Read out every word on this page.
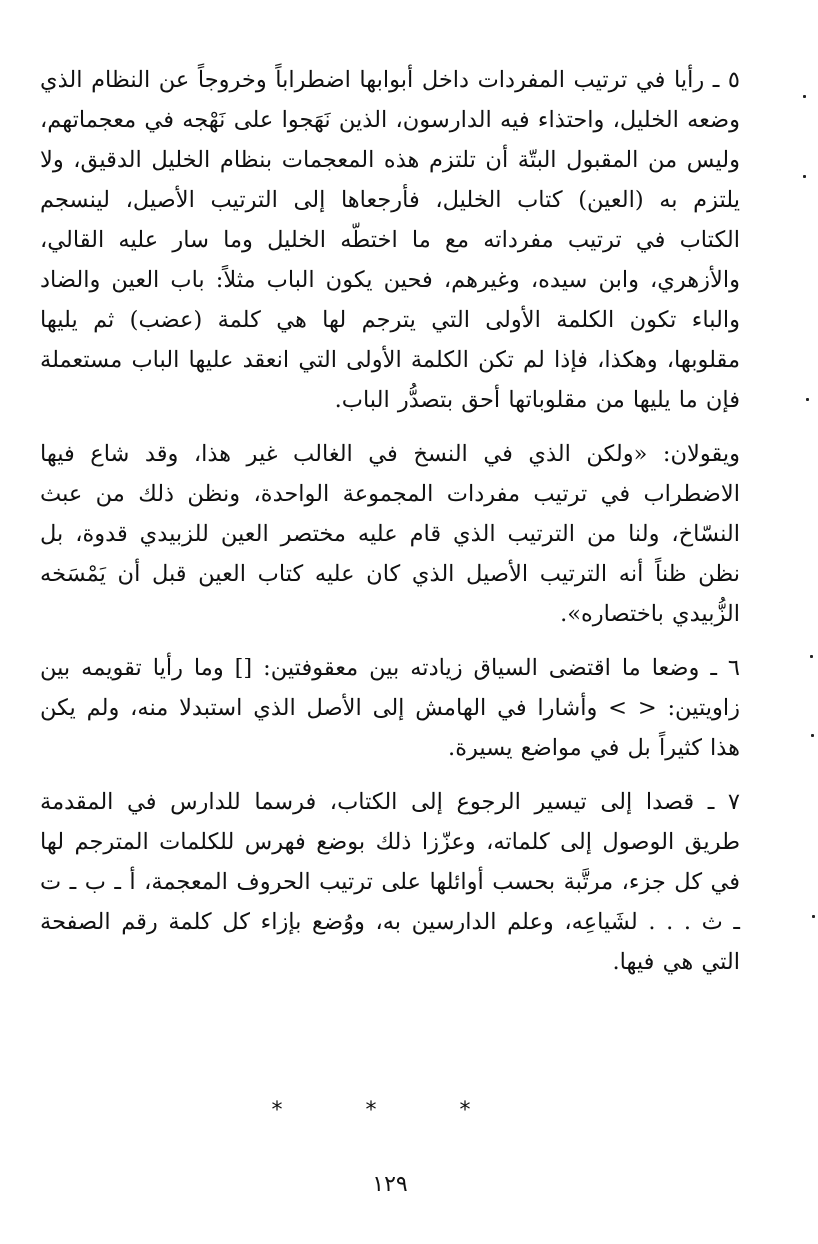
٥ ـ رأيا في ترتيب المفردات داخل أبوابها اضطراباً وخروجاً عن النظام الذي وضعه الخليل، واحتذاء فيه الدارسون، الذين نَهَجوا على نَهْجه في معجماتهم، وليس من المقبول البتّة أن تلتزم هذه المعجمات بنظام الخليل الدقيق، ولا يلتزم به (العين) كتاب الخليل، فأرجعاها إلى الترتيب الأصيل، لينسجم الكتاب في ترتيب مفرداته مع ما اختطّه الخليل وما سار عليه القالي، والأزهري، وابن سيده، وغيرهم، فحين يكون الباب مثلاً: باب العين والضاد والباء تكون الكلمة الأولى التي يترجم لها هي كلمة (عضب) ثم يليها مقلوبها، وهكذا، فإذا لم تكن الكلمة الأولى التي انعقد عليها الباب مستعملة فإن ما يليها من مقلوباتها أحق بتصدُّر الباب.

ويقولان: «ولكن الذي في النسخ في الغالب غير هذا، وقد شاع فيها الاضطراب في ترتيب مفردات المجموعة الواحدة، ونظن ذلك من عبث النسّاخ، ولنا من الترتيب الذي قام عليه مختصر العين للزبيدي قدوة، بل نظن ظناً أنه الترتيب الأصيل الذي كان عليه كتاب العين قبل أن يَمْسَخه الزُّبيدي باختصاره».

٦ ـ وضعا ما اقتضى السياق زيادته بين معقوفتين: [] وما رأيا تقويمه بين زاويتين: < > وأشارا في الهامش إلى الأصل الذي استبدلا منه، ولم يكن هذا كثيراً بل في مواضع يسيرة.

٧ ـ قصدا إلى تيسير الرجوع إلى الكتاب، فرسما للدارس في المقدمة طريق الوصول إلى كلماته، وعزّزا ذلك بوضع فهرس للكلمات المترجم لها في كل جزء، مرتَّبة بحسب أوائلها على ترتيب الحروف المعجمة، أ ـ ب ـ ت ـ ث . . . لشَياعِه، وعلم الدارسين به، ووُضع بإزاء كل كلمة رقم الصفحة التي هي فيها.

* * *
١٢٩
